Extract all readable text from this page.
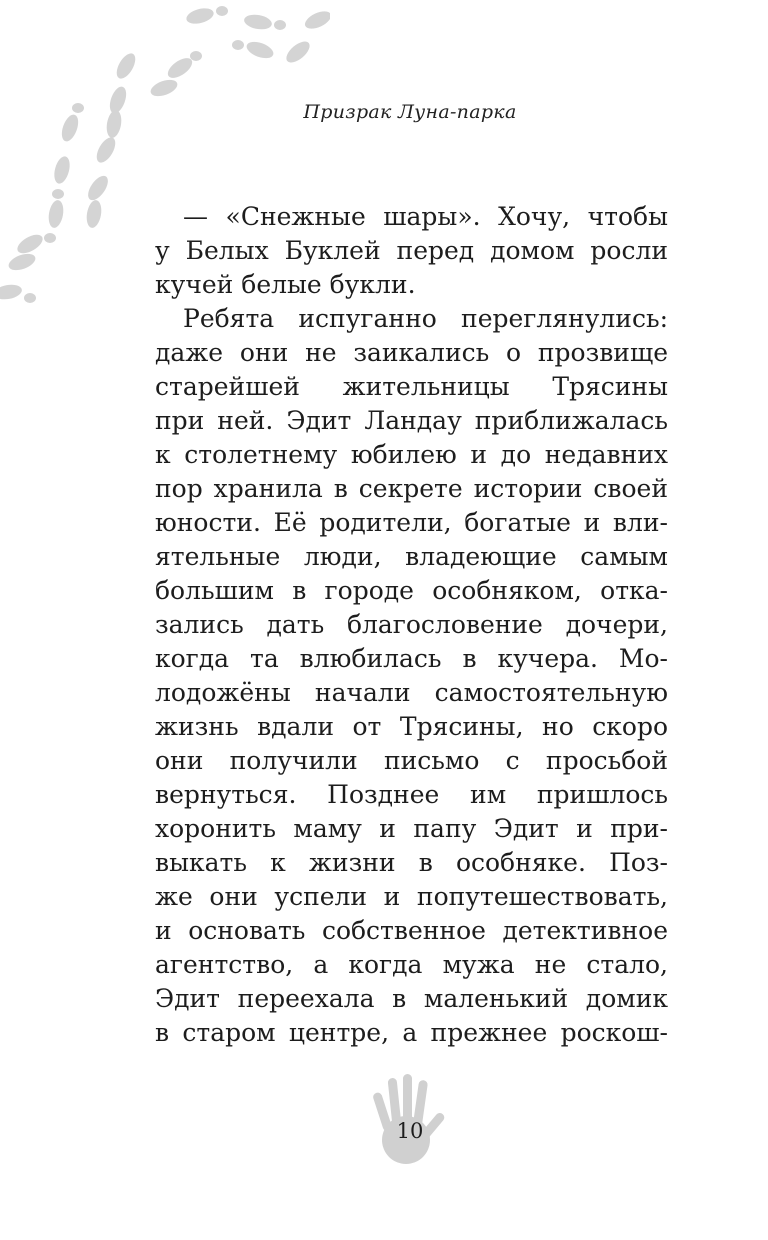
Призрак Луна-парка

— «Снежные шары». Хочу, чтобы
у Белых Буклей перед домом росли
кучей белые букли.
Ребята испуганно переглянулись:
даже они не заикались о прозвище
старейшей жительницы Трясины
при ней. Эдит Ландау приближалась
к столетнему юбилею и до недавних
пор хранила в секрете истории своей
юности. Её родители, богатые и вли-
ятельные люди, владеющие самым
большим в городе особняком, отка-
зались дать благословение дочери,
когда та влюбилась в кучера. Мо-
лодожёны начали самостоятельную
жизнь вдали от Трясины, но скоро
они получили письмо с просьбой
вернуться. Позднее им пришлось
хоронить маму и папу Эдит и при-
выкать к жизни в особняке. Поз-
же они успели и попутешествовать,
и основать собственное детективное
агентство, а когда мужа не стало,
Эдит переехала в маленький домик
в старом центре, а прежнее роскош-

10
